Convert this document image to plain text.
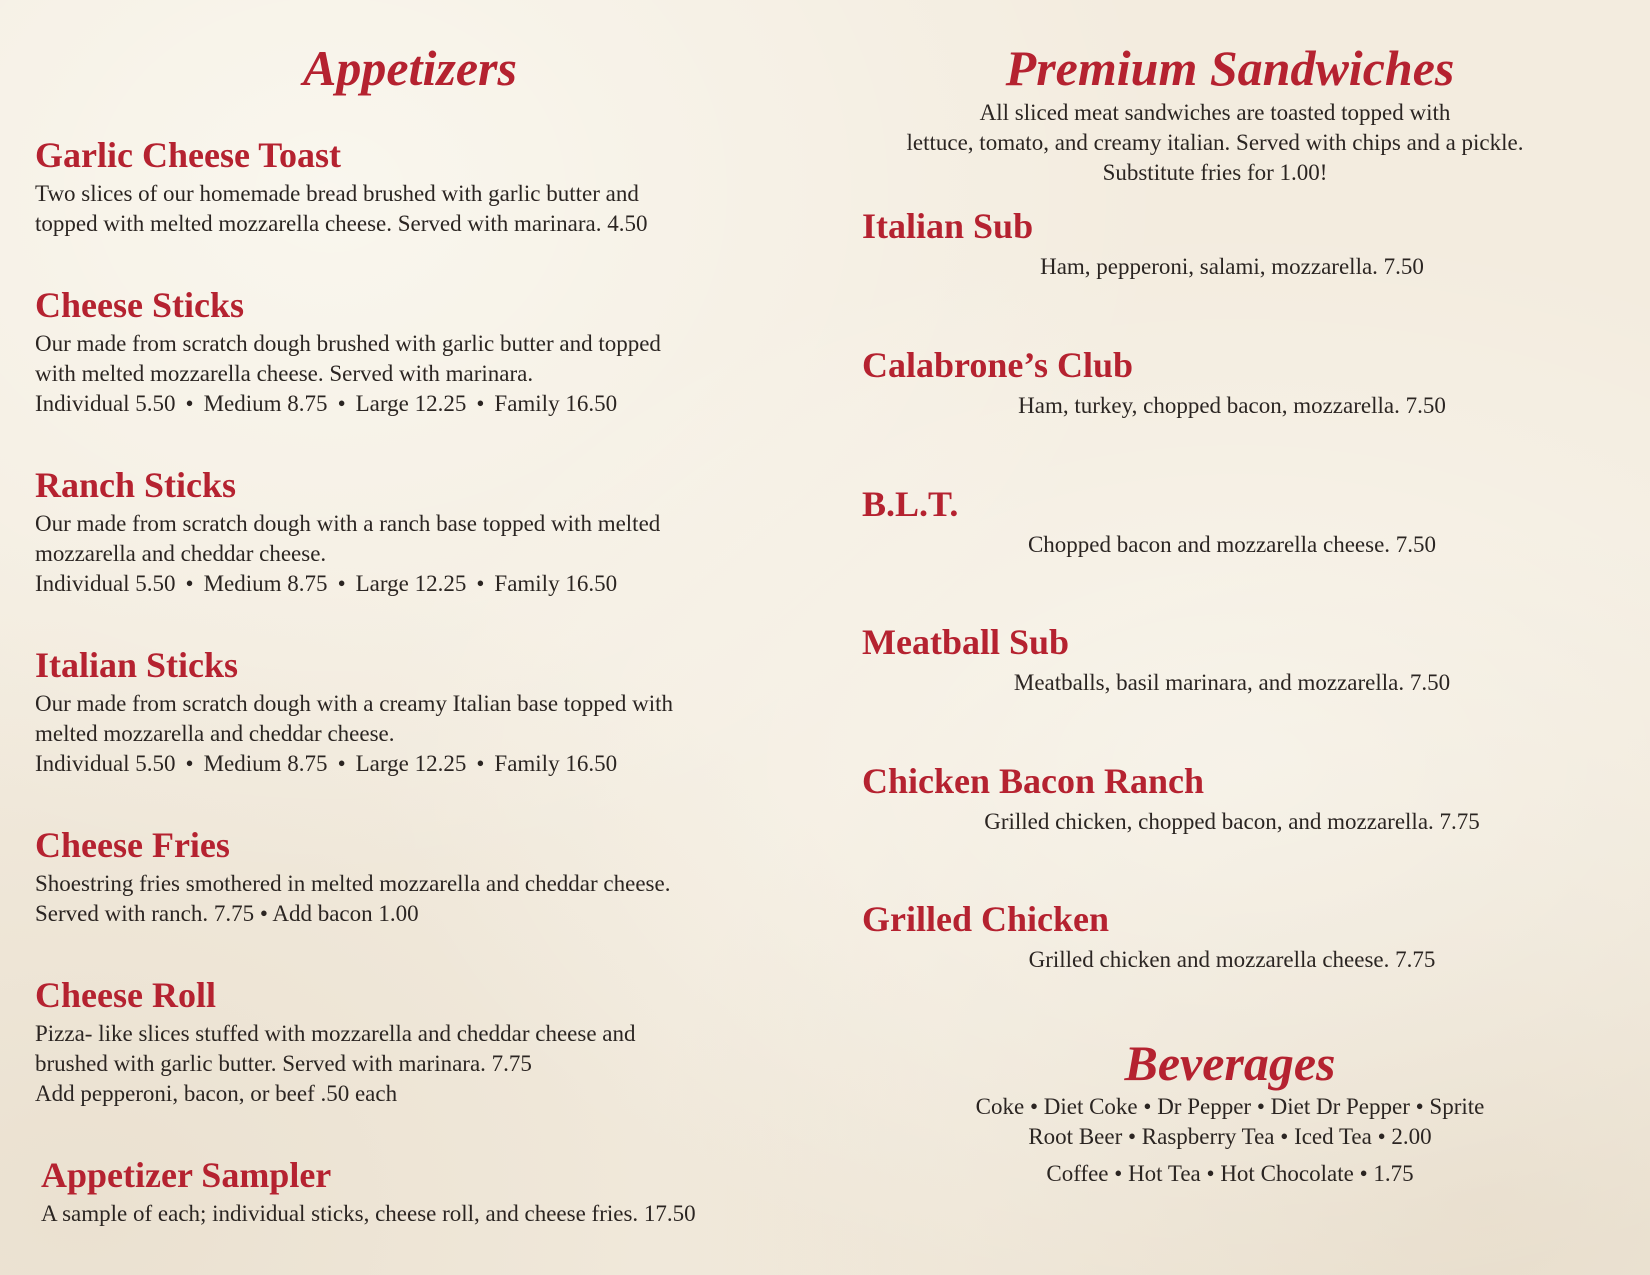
Appetizers
Garlic Cheese Toast
Two slices of our homemade bread brushed with garlic butter and
topped with melted mozzarella cheese. Served with marinara. 4.50
Cheese Sticks
Our made from scratch dough brushed with garlic butter and topped
with melted mozzarella cheese. Served with marinara.
Individual 5.50 • Medium 8.75 • Large 12.25 • Family 16.50
Ranch Sticks
Our made from scratch dough with a ranch base topped with melted
mozzarella and cheddar cheese.
Individual 5.50 • Medium 8.75 • Large 12.25 • Family 16.50
Italian Sticks
Our made from scratch dough with a creamy Italian base topped with
melted mozzarella and cheddar cheese.
Individual 5.50 • Medium 8.75 • Large 12.25 • Family 16.50
Cheese Fries
Shoestring fries smothered in melted mozzarella and cheddar cheese.
Served with ranch. 7.75 • Add bacon 1.00
Cheese Roll
Pizza- like slices stuffed with mozzarella and cheddar cheese and
brushed with garlic butter. Served with marinara. 7.75
Add pepperoni, bacon, or beef .50 each
Appetizer Sampler
A sample of each; individual sticks, cheese roll, and cheese fries. 17.50
Premium Sandwiches
All sliced meat sandwiches are toasted topped with
lettuce, tomato, and creamy italian. Served with chips and a pickle.
Substitute fries for 1.00!
Italian Sub
Ham, pepperoni, salami, mozzarella. 7.50
Calabrone’s Club
Ham, turkey, chopped bacon, mozzarella. 7.50
B.L.T.
Chopped bacon and mozzarella cheese. 7.50
Meatball Sub
Meatballs, basil marinara, and mozzarella. 7.50
Chicken Bacon Ranch
Grilled chicken, chopped bacon, and mozzarella. 7.75
Grilled Chicken
Grilled chicken and mozzarella cheese. 7.75
Beverages
Coke • Diet Coke • Dr Pepper • Diet Dr Pepper • Sprite
Root Beer • Raspberry Tea • Iced Tea • 2.00
Coffee • Hot Tea • Hot Chocolate • 1.75
